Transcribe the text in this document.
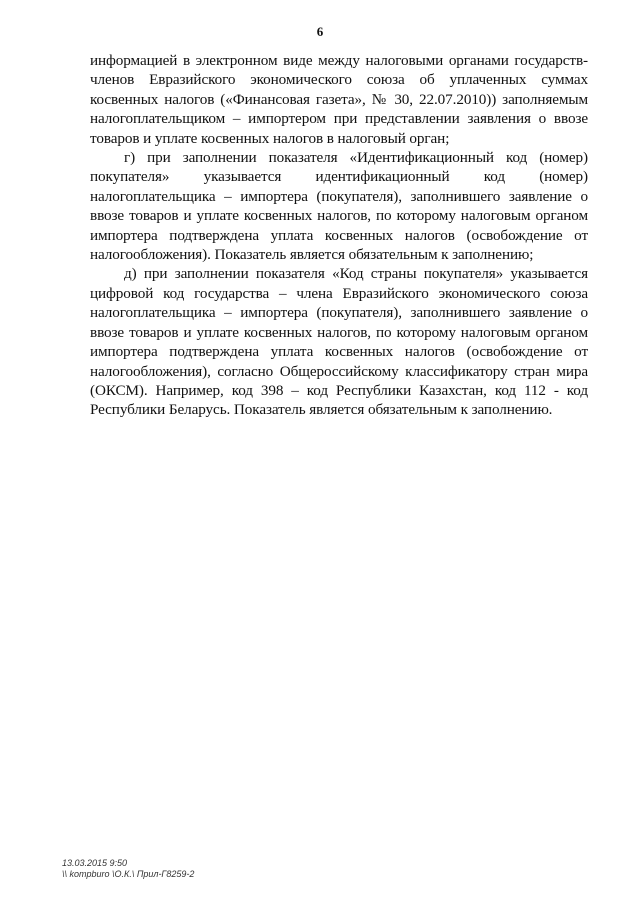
6

информацией в электронном виде между налоговыми органами государств-членов Евразийского экономического союза об уплаченных суммах косвенных налогов («Финансовая газета», № 30, 22.07.2010)) заполняемым налогоплательщиком – импортером при представлении заявления о ввозе товаров и уплате косвенных налогов в налоговый орган;

г) при заполнении показателя «Идентификационный код (номер) покупателя» указывается идентификационный код (номер) налогоплательщика – импортера (покупателя), заполнившего заявление о ввозе товаров и уплате косвенных налогов, по которому налоговым органом импортера подтверждена уплата косвенных налогов (освобождение от налогообложения). Показатель является обязательным к заполнению;

д) при заполнении показателя «Код страны покупателя» указывается цифровой код государства – члена Евразийского экономического союза налогоплательщика – импортера (покупателя), заполнившего заявление о ввозе товаров и уплате косвенных налогов, по которому налоговым органом импортера подтверждена уплата косвенных налогов (освобождение от налогообложения), согласно Общероссийскому классификатору стран мира (ОКСМ). Например, код 398 – код Республики Казахстан, код 112 - код Республики Беларусь. Показатель является обязательным к заполнению.

13.03.2015 9:50
\\ kompburo \О.К.\ Прил-Г8259-2
